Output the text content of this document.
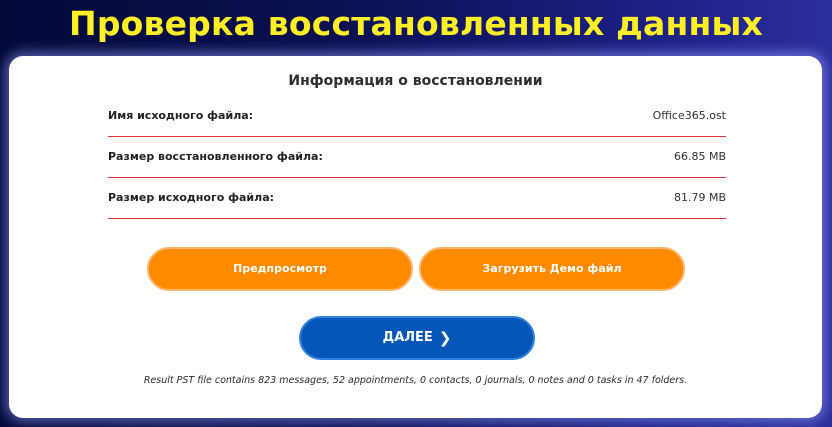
Проверка восстановленных данных
Информация о восстановлении
Имя исходного файла:	Office365.ost
Размер восстановленного файла:	66.85 MB
Размер исходного файла:	81.79 MB
Предпросмотр	Загрузить Демо файл
ДАЛЕЕ ❯
Result PST file contains 823 messages, 52 appointments, 0 contacts, 0 journals, 0 notes and 0 tasks in 47 folders.
